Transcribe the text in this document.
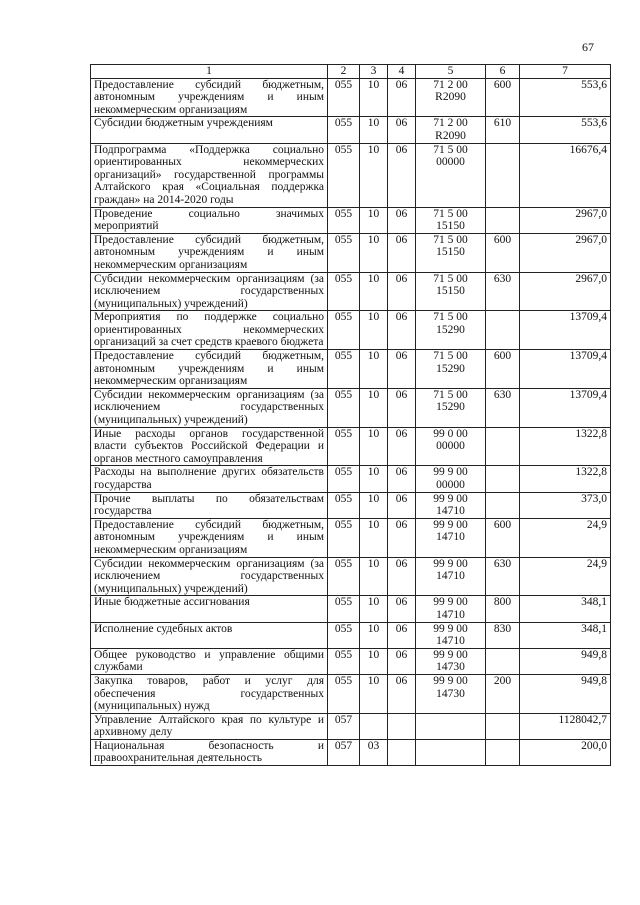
67
1	2	3	4	5	6	7
Предоставление субсидий бюджетным, автономным учреждениям и иным некоммерческим организациям	055	10	06	71 2 00 R2090	600	553,6
Субсидии бюджетным учреждениям	055	10	06	71 2 00 R2090	610	553,6
Подпрограмма «Поддержка социально ориентированных некоммерческих организаций» государственной программы Алтайского края «Социальная поддержка граждан» на 2014-2020 годы	055	10	06	71 5 00 00000		16676,4
Проведение социально значимых мероприятий	055	10	06	71 5 00 15150		2967,0
Предоставление субсидий бюджетным, автономным учреждениям и иным некоммерческим организациям	055	10	06	71 5 00 15150	600	2967,0
Субсидии некоммерческим организациям (за исключением государственных (муниципальных) учреждений)	055	10	06	71 5 00 15150	630	2967,0
Мероприятия по поддержке социально ориентированных некоммерческих организаций за счет средств краевого бюджета	055	10	06	71 5 00 15290		13709,4
Предоставление субсидий бюджетным, автономным учреждениям и иным некоммерческим организациям	055	10	06	71 5 00 15290	600	13709,4
Субсидии некоммерческим организациям (за исключением государственных (муниципальных) учреждений)	055	10	06	71 5 00 15290	630	13709,4
Иные расходы органов государственной власти субъектов Российской Федерации и органов местного самоуправления	055	10	06	99 0 00 00000		1322,8
Расходы на выполнение других обязательств государства	055	10	06	99 9 00 00000		1322,8
Прочие выплаты по обязательствам государства	055	10	06	99 9 00 14710		373,0
Предоставление субсидий бюджетным, автономным учреждениям и иным некоммерческим организациям	055	10	06	99 9 00 14710	600	24,9
Субсидии некоммерческим организациям (за исключением государственных (муниципальных) учреждений)	055	10	06	99 9 00 14710	630	24,9
Иные бюджетные ассигнования	055	10	06	99 9 00 14710	800	348,1
Исполнение судебных актов	055	10	06	99 9 00 14710	830	348,1
Общее руководство и управление общими службами	055	10	06	99 9 00 14730		949,8
Закупка товаров, работ и услуг для обеспечения государственных (муниципальных) нужд	055	10	06	99 9 00 14730	200	949,8
Управление Алтайского края по культуре и архивному делу	057					1128042,7
Национальная безопасность и правоохранительная деятельность	057	03				200,0
